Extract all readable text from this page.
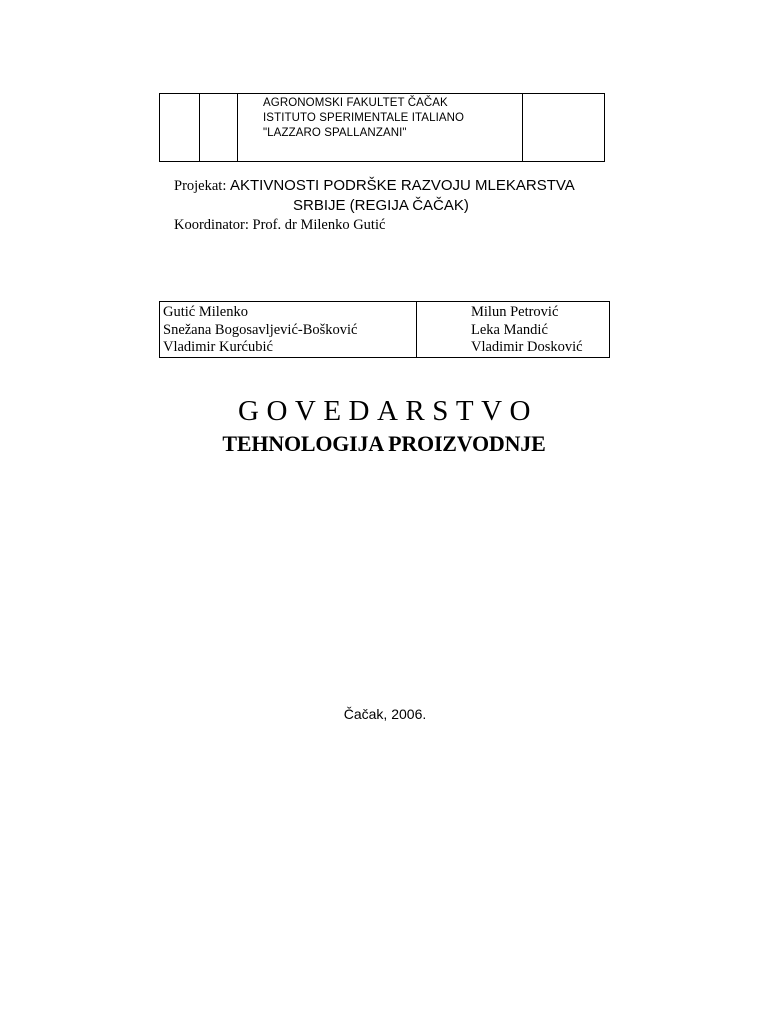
AGRONOMSKI FAKULTET ČAČAK
ISTITUTO SPERIMENTALE ITALIANO
"LAZZARO SPALLANZANI"
Projekat: AKTIVNOSTI PODRŠKE RAZVOJU MLEKARSTVA
SRBIJE (REGIJA ČAČAK)
Koordinator: Prof. dr Milenko Gutić
Gutić Milenko
Snežana Bogosavljević-Bošković
Vladimir Kurćubić
Milun Petrović
Leka Mandić
Vladimir Dosković
GOVEDARSTVO
TEHNOLOGIJA PROIZVODNJE
Čačak, 2006.
